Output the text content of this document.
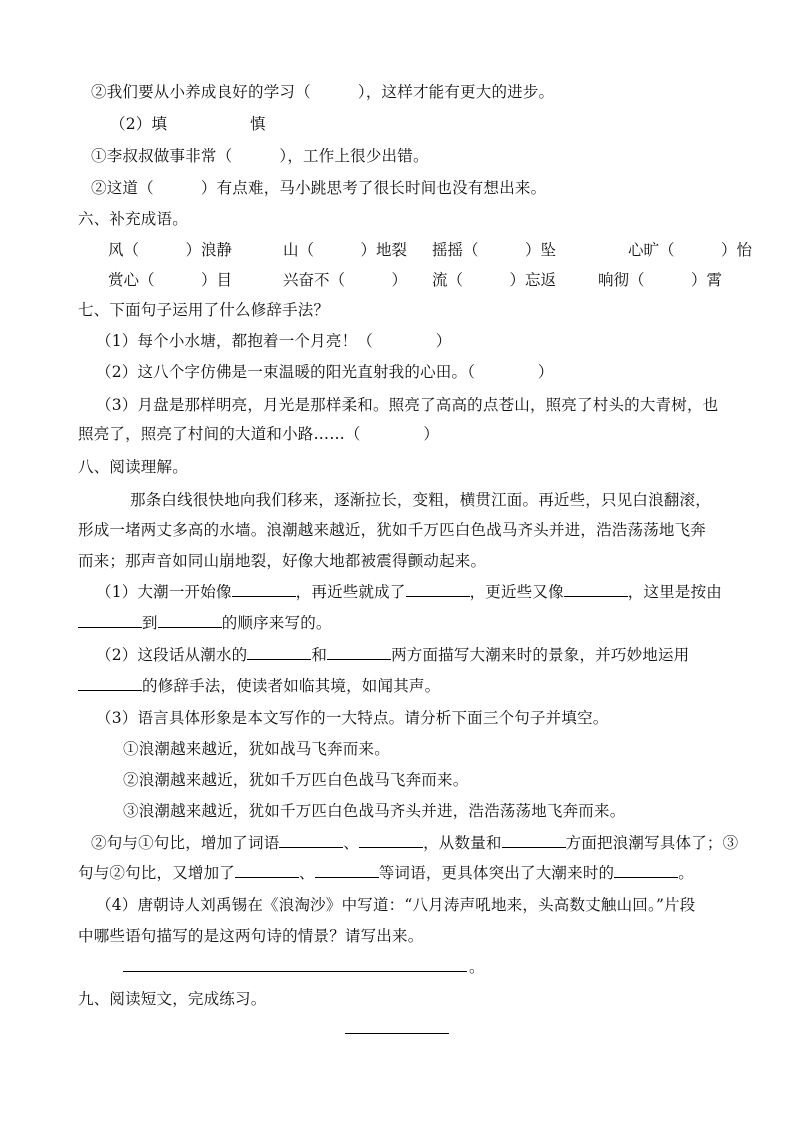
②我们要从小养成良好的学习（　　　），这样才能有更大的进步。
（2）填	慎
①李叔叔做事非常（　　　），工作上很少出错。
②这道（　　　）有点难，马小跳思考了很长时间也没有想出来。
六、补充成语。
风（　　　）浪静	山（　　　）地裂 摇摇（　　　）坠	心旷（　　　）怡
赏心（　　　）目	兴奋不（　　　） 流（　　　）忘返	响彻（　　　）霄
七、下面句子运用了什么修辞手法？
（1）每个小水塘，都抱着一个月亮！（　　　　）
（2）这八个字仿佛是一束温暖的阳光直射我的心田。（　　　　）
（3）月盘是那样明亮，月光是那样柔和。照亮了高高的点苍山，照亮了村头的大青树，也
照亮了，照亮了村间的大道和小路……（　　　　）
八、阅读理解。
那条白线很快地向我们移来，逐渐拉长，变粗，横贯江面。再近些，只见白浪翻滚，
形成一堵两丈多高的水墙。浪潮越来越近，犹如千万匹白色战马齐头并进，浩浩荡荡地飞奔
而来；那声音如同山崩地裂，好像大地都被震得颤动起来。
（1）大潮一开始像	，再近些就成了	，更近些又像	，这里是按由
到	的顺序来写的。
（2）这段话从潮水的	和	两方面描写大潮来时的景象，并巧妙地运用
的修辞手法，使读者如临其境，如闻其声。
（3）语言具体形象是本文写作的一大特点。请分析下面三个句子并填空。
①浪潮越来越近，犹如战马飞奔而来。
②浪潮越来越近，犹如千万匹白色战马飞奔而来。
③浪潮越来越近，犹如千万匹白色战马齐头并进，浩浩荡荡地飞奔而来。
②句与①句比，增加了词语	、	，从数量和	方面把浪潮写具体了；③
句与②句比，又增加了	、	等词语，更具体突出了大潮来时的	。
（4）唐朝诗人刘禹锡在《浪淘沙》中写道：“八月涛声吼地来，头高数丈触山回。”片段
中哪些语句描写的是这两句诗的情景？请写出来。
。
九、阅读短文，完成练习。
